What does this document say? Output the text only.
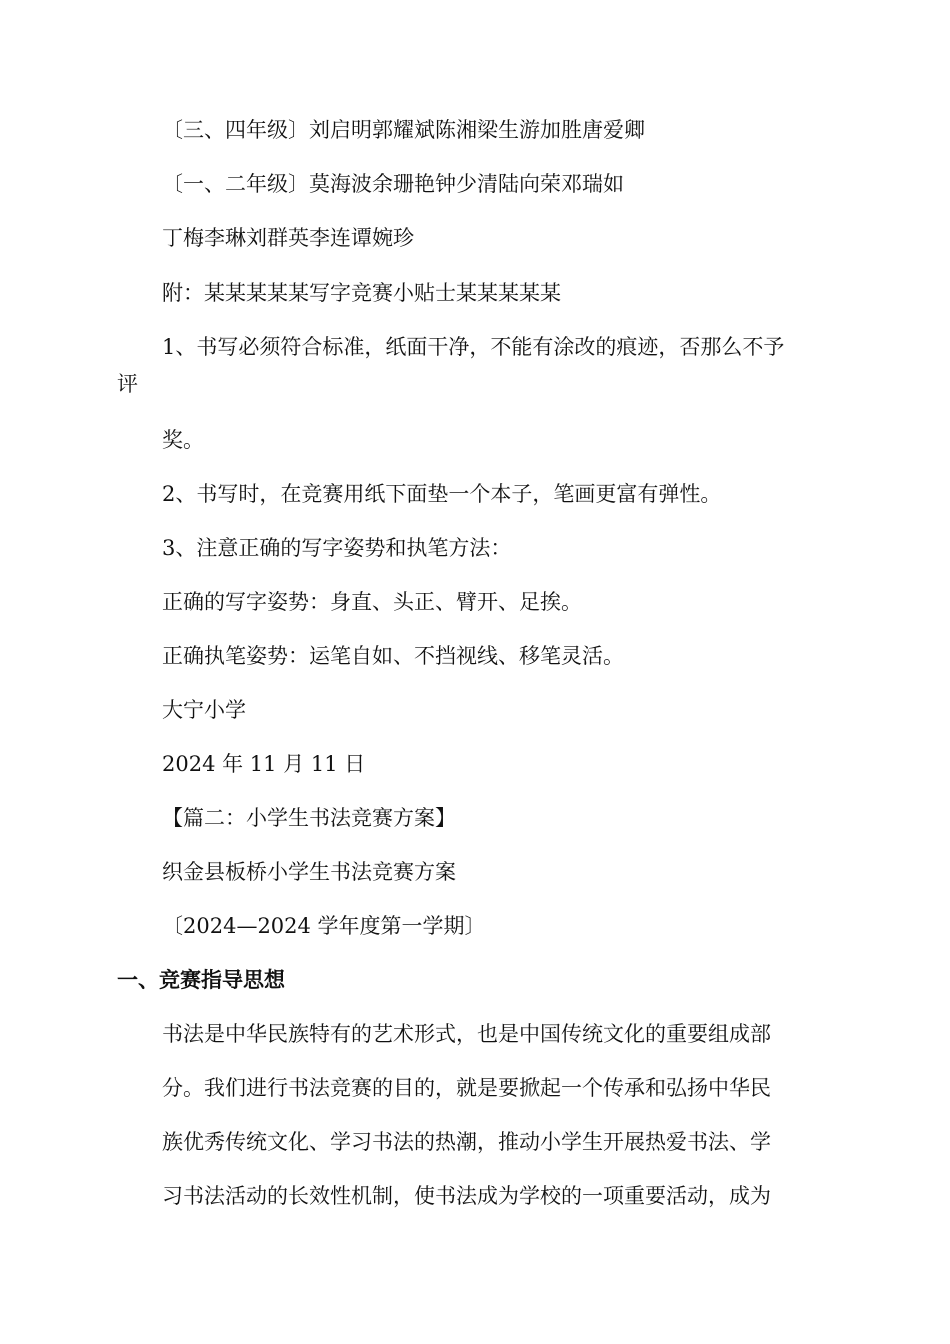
〔三、四年级〕刘启明郭耀斌陈湘梁生游加胜唐爱卿
〔一、二年级〕莫海波余珊艳钟少清陆向荣邓瑞如
丁梅李琳刘群英李连谭婉珍
附：某某某某某写字竞赛小贴士某某某某某
1、书写必须符合标准，纸面干净，不能有涂改的痕迹，否那么不予
评
奖。
2、书写时，在竞赛用纸下面垫一个本子，笔画更富有弹性。
3、注意正确的写字姿势和执笔方法：
正确的写字姿势：身直、头正、臂开、足挨。
正确执笔姿势：运笔自如、不挡视线、移笔灵活。
大宁小学
2024 年 11 月 11 日
【篇二：小学生书法竞赛方案】
织金县板桥小学生书法竞赛方案
〔2024—2024 学年度第一学期〕
一、竞赛指导思想
书法是中华民族特有的艺术形式，也是中国传统文化的重要组成部
分。我们进行书法竞赛的目的，就是要掀起一个传承和弘扬中华民
族优秀传统文化、学习书法的热潮，推动小学生开展热爱书法、学
习书法活动的长效性机制，使书法成为学校的一项重要活动，成为
